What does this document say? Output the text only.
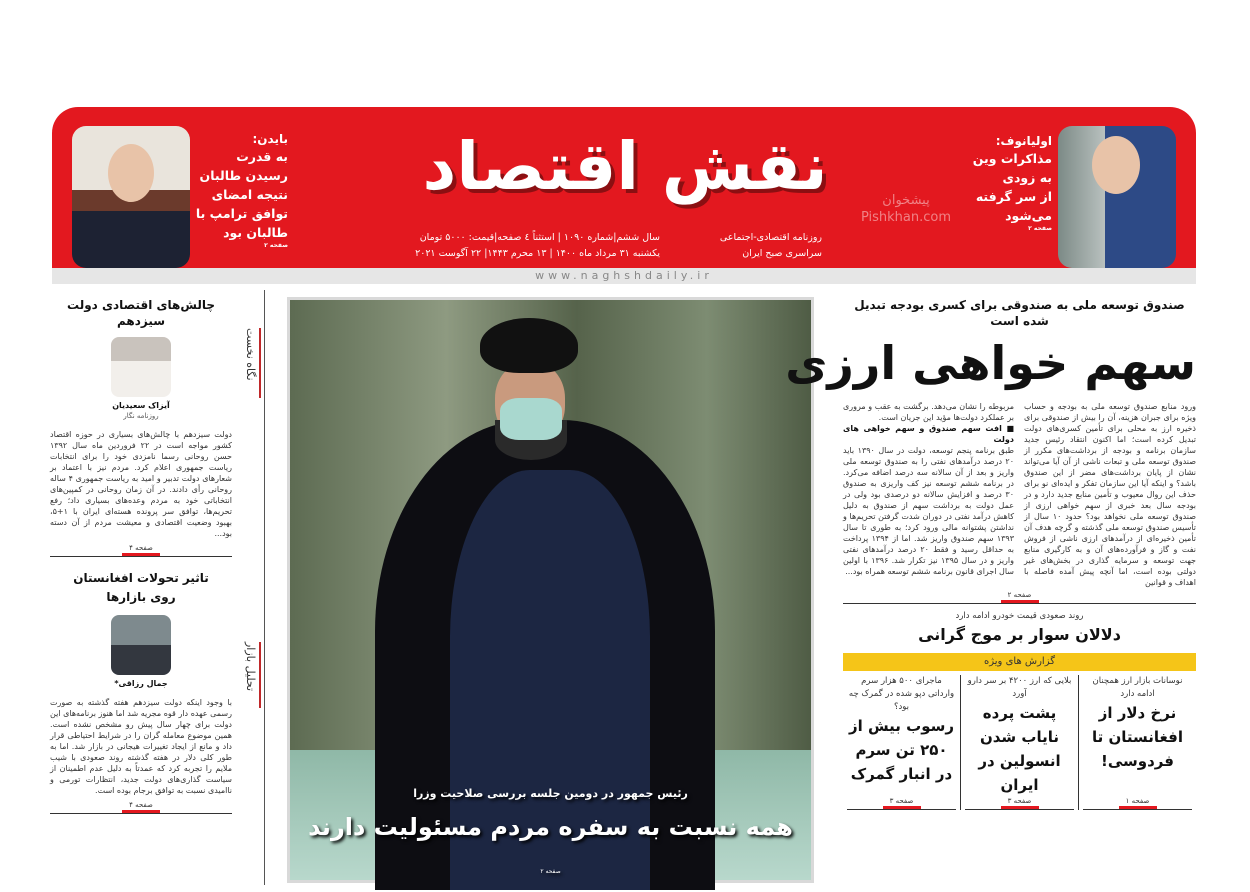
بایدن:
به قدرت
رسیدن طالبان
نتیجه امضای
توافق ترامپ با
طالبان بود
صفحه ۲
نقش اقتصاد
سال ششم|شماره ۱۰۹۰ | استثناً ٤ صفحه|قیمت: ۵۰۰۰ تومان
یکشنبه ۳۱ مرداد ماه ۱۴۰۰ | ۱۳ محرم ۱۴۴۳| ۲۲ آگوست ۲۰۲۱
روزنامه اقتصادی-اجتماعی
سراسری صبح ایران
پیشخوان Pishkhan.com
اولیانوف:
مذاکرات وین
به زودی
از سر گرفته
می‌شود
صفحه ۲
www.naghshdaily.ir
چالش‌های اقتصادی دولت سیزدهم
آیزاک سعیدیان
روزنامه نگار
دولت سیزدهم با چالش‌های بسیاری در حوزه اقتصاد کشور مواجه است در ۲۲ فروردین ماه سال ۱۳۹۲ حسن روحانی رسما نامزدی خود را برای انتخابات ریاست جمهوری اعلام کرد. مردم نیز با اعتماد بر شعارهای دولت تدبیر و امید به ریاست جمهوری ۴ ساله روحانی رأی دادند. در آن زمان روحانی در کمپین‌های انتخاباتی خود به مردم وعده‌های بسیاری داد؛ رفع تحریم‌ها، توافق سر پرونده هسته‌ای ایران با ۱+۵، بهبود وضعیت اقتصادی و معیشت مردم از آن دسته بود...
صفحه ۴
تاثیر تحولات افغانستان
روی بازارها
جمال رزاقی*
با وجود اینکه دولت سیزدهم هفته گذشته به صورت رسمی عهده دار قوه مجریه شد اما هنوز برنامه‌های این دولت برای چهار سال پیش رو مشخص نشده است. همین موضوع معامله گران را در شرایط احتیاطی قرار داد و مانع از ایجاد تغییرات هیجانی در بازار شد. اما به طور کلی دلار در هفته گذشته روند صعودی با شیب ملایم را تجربه کرد که عمدتاً به دلیل عدم اطمینان از سیاست گذاری‌های دولت جدید، انتظارات تورمی و ناامیدی نسبت به توافق برجام بوده است.
صفحه ۴
نگاه نخست
تحلیل بازار
رئیس جمهور در دومین جلسه بررسی صلاحیت وزرا
همه نسبت به سفره مردم مسئولیت دارند
صفحه ۲
صندوق توسعه ملی به صندوقی برای کسری بودجه تبدیل شده است
سهم خواهی ارزی
ورود منابع صندوق توسعه ملی به بودجه و حساب ویژه برای جبران هزینه، آن را بیش از صندوقی برای ذخیره ارز به محلی برای تأمین کسری‌های دولت تبدیل کرده است؛ اما اکنون انتقاد رئیس جدید سازمان برنامه و بودجه از برداشت‌های مکرر از صندوق توسعه ملی و تبعات ناشی از آن آیا می‌تواند نشان از پایان برداشت‌های مضر از این صندوق باشد؟ و اینکه آیا این سازمان تفکر و ایده‌ای نو برای حذف این روال معیوب و تأمین منابع جدید دارد و در بودجه سال بعد خبری از سهم خواهی ارزی از صندوق توسعه ملی نخواهد بود؟ حدود ۱۰ سال از تأسیس صندوق توسعه ملی گذشته و گرچه هدف آن تأمین ذخیره‌ای از درآمدهای ارزی ناشی از فروش نفت و گاز و فرآورده‌های آن و به کارگیری منابع جهت توسعه و سرمایه گذاری در بخش‌های غیر دولتی بوده است، اما آنچه پیش آمده فاصله با اهداف و قوانین
مربوطه را نشان می‌دهد. برگشت به عقب و مروری بر عملکرد دولت‌ها مؤید این جریان است.
■ افت سهم صندوق و سهم خواهی های دولت
طبق برنامه پنجم توسعه، دولت در سال ۱۳۹۰ باید ۲۰ درصد درآمدهای نفتی را به صندوق توسعه ملی واریز و بعد از آن سالانه سه درصد اضافه می‌کرد. در برنامه ششم توسعه نیز کف واریزی به صندوق ۳۰ درصد و افزایش سالانه دو درصدی بود ولی در عمل دولت به برداشت سهم از صندوق به دلیل کاهش درآمد نفتی در دوران شدت گرفتن تحریم‌ها و نداشتن پشتوانه مالی ورود کرد؛ به طوری تا سال ۱۳۹۳ سهم صندوق واریز شد. اما از ۱۳۹۴ پرداخت به حداقل رسید و فقط ۲۰ درصد درآمدهای نفتی واریز و در سال ۱۳۹۵ نیز تکرار شد. ۱۳۹۶ با اولین سال اجرای قانون برنامه ششم توسعه همراه بود...
صفحه ۲
روند صعودی قیمت خودرو ادامه دارد
دلالان سوار بر موج گرانی
گزارش های ویژه
نوسانات بازار ارز همچنان ادامه دارد
نرخ دلار از افغانستان تا فردوسی!
صفحه ۱
بلایی که ارز ۴۲۰۰ بر سر دارو آورد
پشت پرده نایاب شدن انسولین در ایران
صفحه ۳
ماجرای ۵۰۰ هزار سرم وارداتی دپو شده در گمرک چه بود؟
رسوب بیش از ۲۵۰ تن سرم در انبار گمرک
صفحه ۳
